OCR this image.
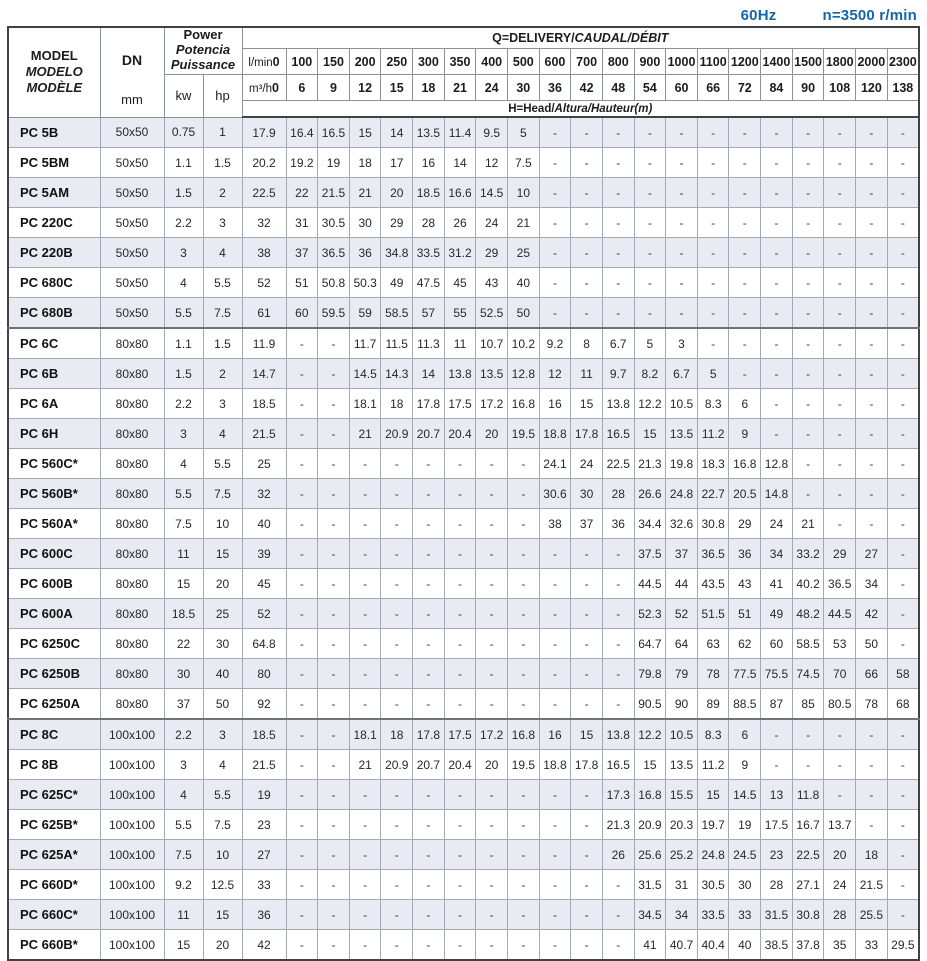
60Hz	n=3500 r/min
MODEL
MODELO
MODÈLE

DN
mm

Power
Potencia
Puissance
	Q=DELIVERY/CAUDAL/DÉBIT
				l/min0	100	150	200	250	300	350	400	500	600	700	800	900	1000	1100	1200	1400	1500	1800	2000	2300
		kw	hp	m³/h0	6	9	12	15	18	21	24	30	36	42	48	54	60	66	72	84	90	108	120	138
				H=Head/Altura/Hauteur(m)																				
PC 5B	50x50	0.75	1	17.9	16.4	16.5	15	14	13.5	11.4	9.5	5	-	-	-	-	-	-	-	-	-	-	-	-
PC 5BM	50x50	1.1	1.5	20.2	19.2	19	18	17	16	14	12	7.5	-	-	-	-	-	-	-	-	-	-	-	-
PC 5AM	50x50	1.5	2	22.5	22	21.5	21	20	18.5	16.6	14.5	10	-	-	-	-	-	-	-	-	-	-	-	-
PC 220C	50x50	2.2	3	32	31	30.5	30	29	28	26	24	21	-	-	-	-	-	-	-	-	-	-	-	-
PC 220B	50x50	3	4	38	37	36.5	36	34.8	33.5	31.2	29	25	-	-	-	-	-	-	-	-	-	-	-	-
PC 680C	50x50	4	5.5	52	51	50.8	50.3	49	47.5	45	43	40	-	-	-	-	-	-	-	-	-	-	-	-
PC 680B	50x50	5.5	7.5	61	60	59.5	59	58.5	57	55	52.5	50	-	-	-	-	-	-	-	-	-	-	-	-
PC 6C	80x80	1.1	1.5	11.9	-	-	11.7	11.5	11.3	11	10.7	10.2	9.2	8	6.7	5	3	-	-	-	-	-	-	-
PC 6B	80x80	1.5	2	14.7	-	-	14.5	14.3	14	13.8	13.5	12.8	12	11	9.7	8.2	6.7	5	-	-	-	-	-	-
PC 6A	80x80	2.2	3	18.5	-	-	18.1	18	17.8	17.5	17.2	16.8	16	15	13.8	12.2	10.5	8.3	6	-	-	-	-	-
PC 6H	80x80	3	4	21.5	-	-	21	20.9	20.7	20.4	20	19.5	18.8	17.8	16.5	15	13.5	11.2	9	-	-	-	-	-
PC 560C*	80x80	4	5.5	25	-	-	-	-	-	-	-	-	24.1	24	22.5	21.3	19.8	18.3	16.8	12.8	-	-	-	-
PC 560B*	80x80	5.5	7.5	32	-	-	-	-	-	-	-	-	30.6	30	28	26.6	24.8	22.7	20.5	14.8	-	-	-	-
PC 560A*	80x80	7.5	10	40	-	-	-	-	-	-	-	-	38	37	36	34.4	32.6	30.8	29	24	21	-	-	-
PC 600C	80x80	11	15	39	-	-	-	-	-	-	-	-	-	-	-	37.5	37	36.5	36	34	33.2	29	27	-
PC 600B	80x80	15	20	45	-	-	-	-	-	-	-	-	-	-	-	44.5	44	43.5	43	41	40.2	36.5	34	-
PC 600A	80x80	18.5	25	52	-	-	-	-	-	-	-	-	-	-	-	52.3	52	51.5	51	49	48.2	44.5	42	-
PC 6250C	80x80	22	30	64.8	-	-	-	-	-	-	-	-	-	-	-	64.7	64	63	62	60	58.5	53	50	-
PC 6250B	80x80	30	40	80	-	-	-	-	-	-	-	-	-	-	-	79.8	79	78	77.5	75.5	74.5	70	66	58
PC 6250A	80x80	37	50	92	-	-	-	-	-	-	-	-	-	-	-	90.5	90	89	88.5	87	85	80.5	78	68
PC 8C	100x100	2.2	3	18.5	-	-	18.1	18	17.8	17.5	17.2	16.8	16	15	13.8	12.2	10.5	8.3	6	-	-	-	-	-
PC 8B	100x100	3	4	21.5	-	-	21	20.9	20.7	20.4	20	19.5	18.8	17.8	16.5	15	13.5	11.2	9	-	-	-	-	-
PC 625C*	100x100	4	5.5	19	-	-	-	-	-	-	-	-	-	-	17.3	16.8	15.5	15	14.5	13	11.8	-	-	-
PC 625B*	100x100	5.5	7.5	23	-	-	-	-	-	-	-	-	-	-	21.3	20.9	20.3	19.7	19	17.5	16.7	13.7	-	-
PC 625A*	100x100	7.5	10	27	-	-	-	-	-	-	-	-	-	-	26	25.6	25.2	24.8	24.5	23	22.5	20	18	-
PC 660D*	100x100	9.2	12.5	33	-	-	-	-	-	-	-	-	-	-	-	31.5	31	30.5	30	28	27.1	24	21.5	-
PC 660C*	100x100	11	15	36	-	-	-	-	-	-	-	-	-	-	-	34.5	34	33.5	33	31.5	30.8	28	25.5	-
PC 660B*	100x100	15	20	42	-	-	-	-	-	-	-	-	-	-	-	41	40.7	40.4	40	38.5	37.8	35	33	29.5
